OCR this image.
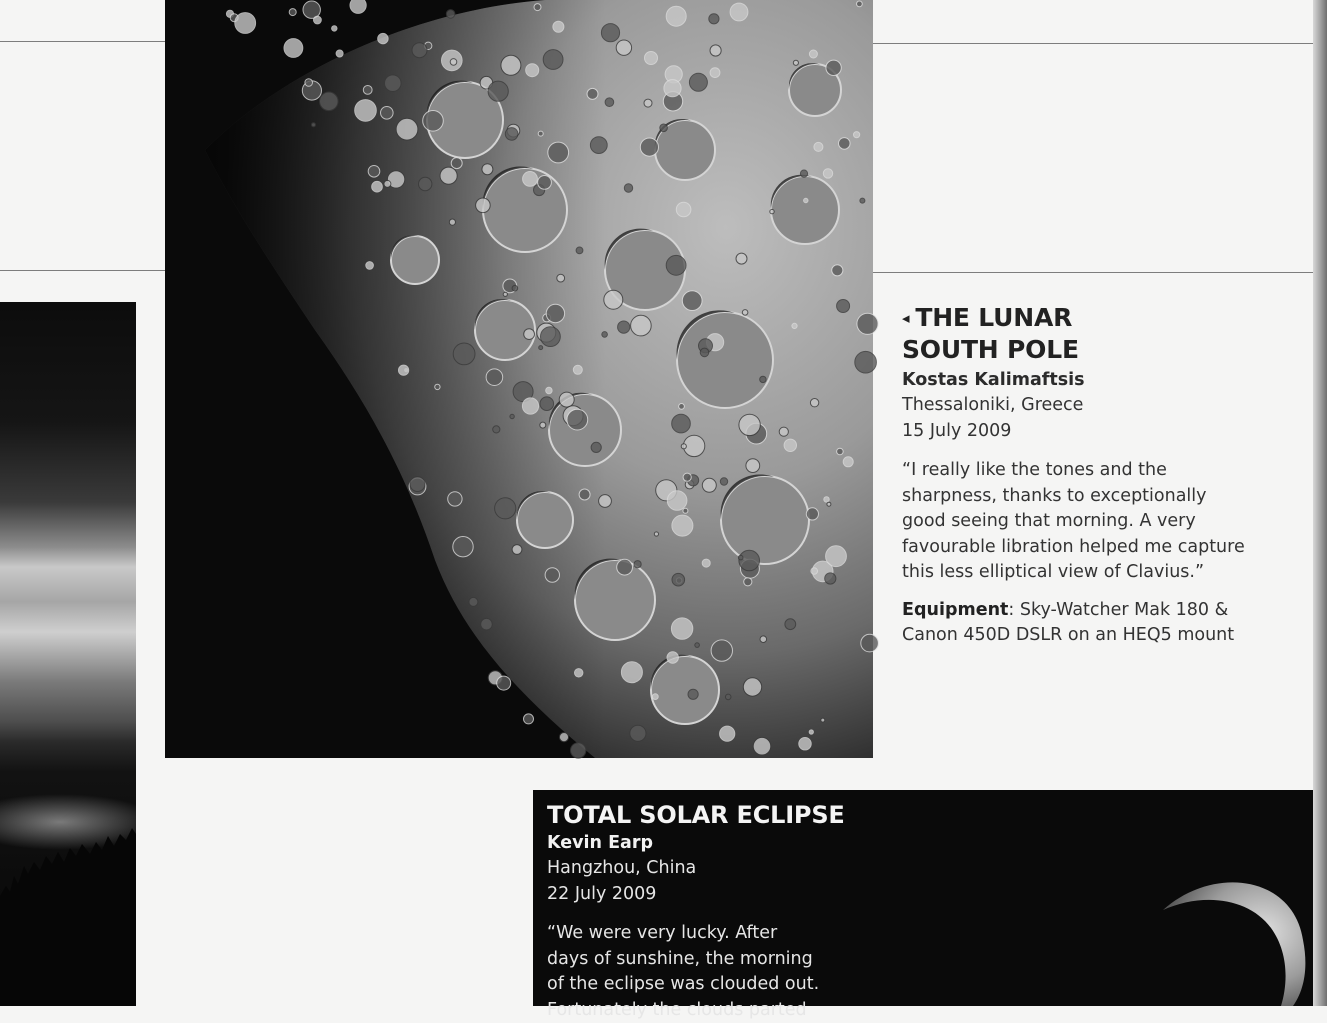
◂ THE LUNAR
SOUTH POLE
Kostas Kalimaftsis
Thessaloniki, Greece
15 July 2009
“I really like the tones and the
sharpness, thanks to exceptionally
good seeing that morning. A very
favourable libration helped me capture
this less elliptical view of Clavius.”
Equipment: Sky-Watcher Mak 180 &
Canon 450D DSLR on an HEQ5 mount
TOTAL SOLAR ECLIPSE
Kevin Earp
Hangzhou, China
22 July 2009
“We were very lucky. After
days of sunshine, the morning
of the eclipse was clouded out.
Fortunately the clouds parted
